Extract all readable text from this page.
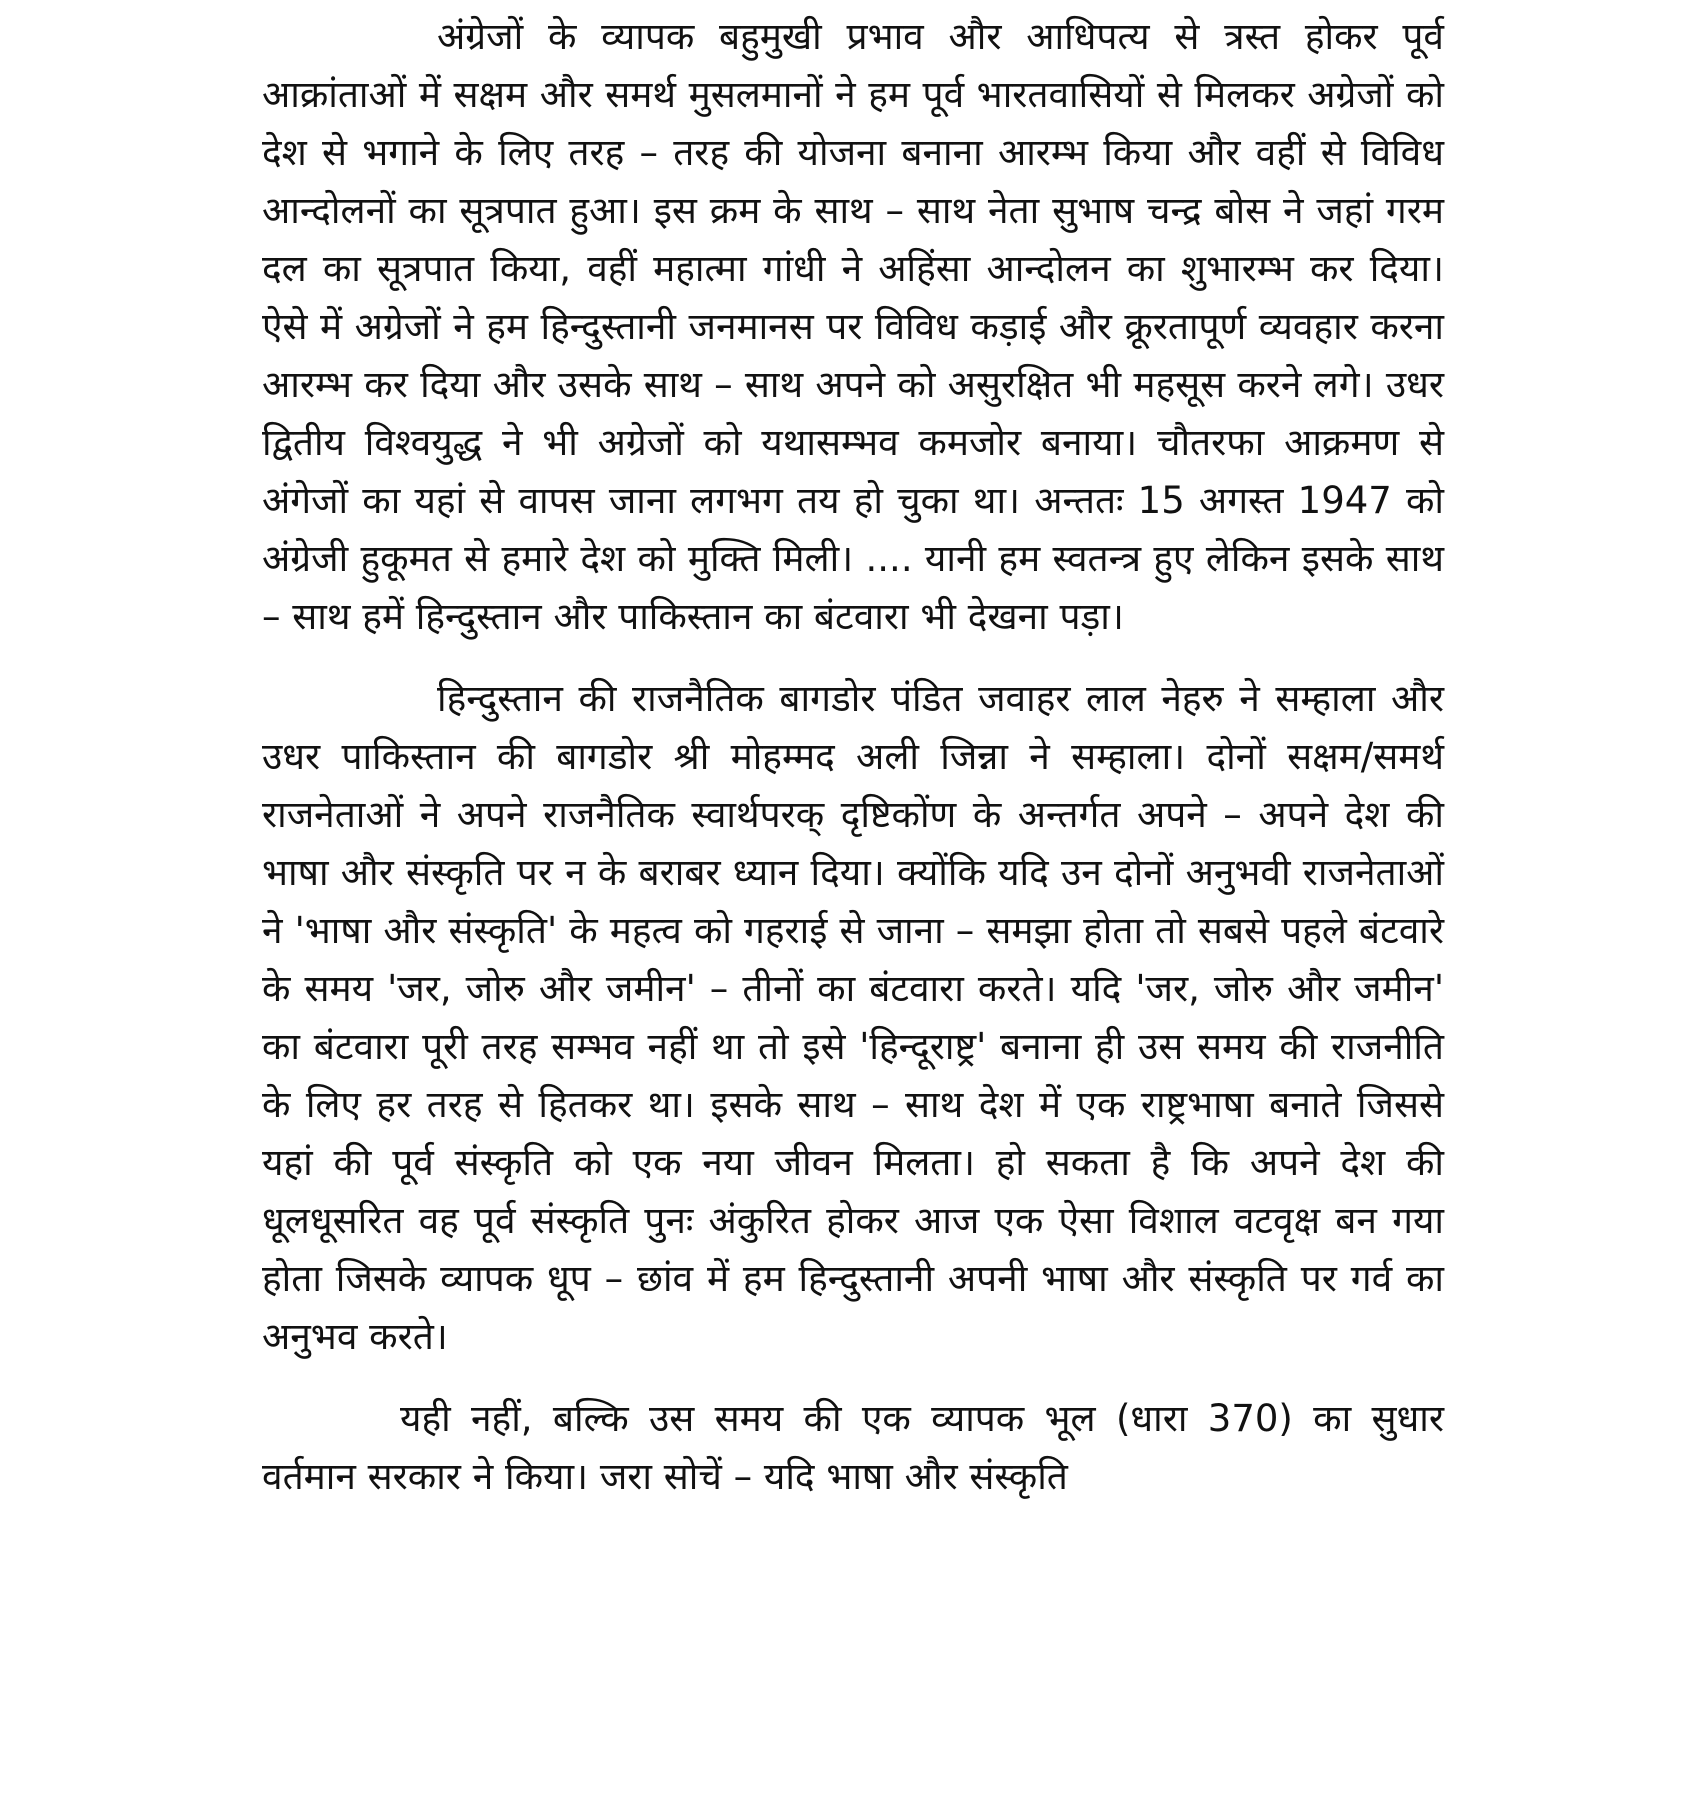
अंग्रेजों के व्यापक बहुमुखी प्रभाव और आधिपत्य से त्रस्त होकर पूर्व आक्रांताओं में सक्षम और समर्थ मुसलमानों ने हम पूर्व भारतवासियों से मिलकर अग्रेजों को देश से भगाने के लिए तरह – तरह की योजना बनाना आरम्भ किया और वहीं से विविध आन्दोलनों का सूत्रपात हुआ। इस क्रम के साथ – साथ नेता सुभाष चन्द्र बोस ने जहां गरम दल का सूत्रपात किया, वहीं महात्मा गांधी ने अहिंसा आन्दोलन का शुभारम्भ कर दिया। ऐसे में अग्रेजों ने हम हिन्दुस्तानी जनमानस पर विविध कड़ाई और क्रूरतापूर्ण व्यवहार करना आरम्भ कर दिया और उसके साथ – साथ अपने को असुरक्षित भी महसूस करने लगे। उधर द्वितीय विश्वयुद्ध ने भी अग्रेजों को यथासम्भव कमजोर बनाया। चौतरफा आक्रमण से अंगेजों का यहां से वापस जाना लगभग तय हो चुका था। अन्ततः 15 अगस्त 1947 को अंग्रेजी हुकूमत से हमारे देश को मुक्ति मिली। .... यानी हम स्वतन्त्र हुए लेकिन इसके साथ – साथ हमें हिन्दुस्तान और पाकिस्तान का बंटवारा भी देखना पड़ा।

हिन्दुस्तान की राजनैतिक बागडोर पंडित जवाहर लाल नेहरु ने सम्हाला और उधर पाकिस्तान की बागडोर श्री मोहम्मद अली जिन्ना ने सम्हाला। दोनों सक्षम/समर्थ राजनेताओं ने अपने राजनैतिक स्वार्थपरक् दृष्टिकोंण के अन्तर्गत अपने – अपने देश की भाषा और संस्कृति पर न के बराबर ध्यान दिया। क्योंकि यदि उन दोनों अनुभवी राजनेताओं ने 'भाषा और संस्कृति' के महत्व को गहराई से जाना – समझा होता तो सबसे पहले बंटवारे के समय 'जर, जोरु और जमीन' – तीनों का बंटवारा करते। यदि 'जर, जोरु और जमीन' का बंटवारा पूरी तरह सम्भव नहीं था तो इसे 'हिन्दूराष्ट्र' बनाना ही उस समय की राजनीति के लिए हर तरह से हितकर था। इसके साथ – साथ देश में एक राष्ट्रभाषा बनाते जिससे यहां की पूर्व संस्कृति को एक नया जीवन मिलता। हो सकता है कि अपने देश की धूलधूसरित वह पूर्व संस्कृति पुनः अंकुरित होकर आज एक ऐसा विशाल वटवृक्ष बन गया होता जिसके व्यापक धूप – छांव में हम हिन्दुस्तानी अपनी भाषा और संस्कृति पर गर्व का अनुभव करते।

यही नहीं, बल्कि उस समय की एक व्यापक भूल (धारा 370) का सुधार वर्तमान सरकार ने किया। जरा सोचें – यदि भाषा और संस्कृति
